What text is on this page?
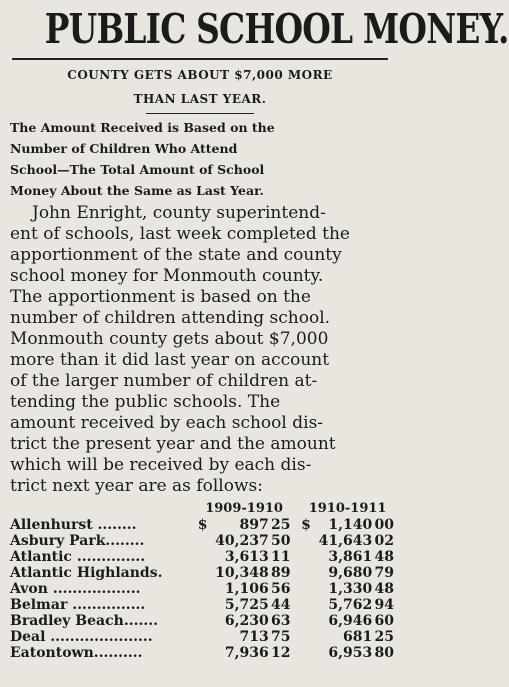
PUBLIC SCHOOL MONEY.
COUNTY GETS ABOUT $7,000 MORE
THAN LAST YEAR.
The Amount Received is Based on the
Number of Children Who Attend
School—The Total Amount of School
Money About the Same as Last Year.
John Enright, county superintend-
ent of schools, last week completed the
apportionment of the state and county
school money for Monmouth county.
The apportionment is based on the
number of children attending school.
Monmouth county gets about $7,000
more than it did last year on account
of the larger number of children at-
tending the public schools. The
amount received by each school dis-
trict the present year and the amount
which will be received by each dis-
trict next year are as follows:
	1909-1910				1910-1911		
Allenhurst ........	$	897	25		$	1,140	00
Asbury Park........		40,237	50			41,643	02
Atlantic ..............		3,613	11			3,861	48
Atlantic Highlands.		10,348	89			9,680	79
Avon ..................		1,106	56			1,330	48
Belmar ...............		5,725	44			5,762	94
Bradley Beach.......		6,230	63			6,946	60
Deal .....................		713	75			681	25
Eatontown..........		7,936	12			6,953	80
